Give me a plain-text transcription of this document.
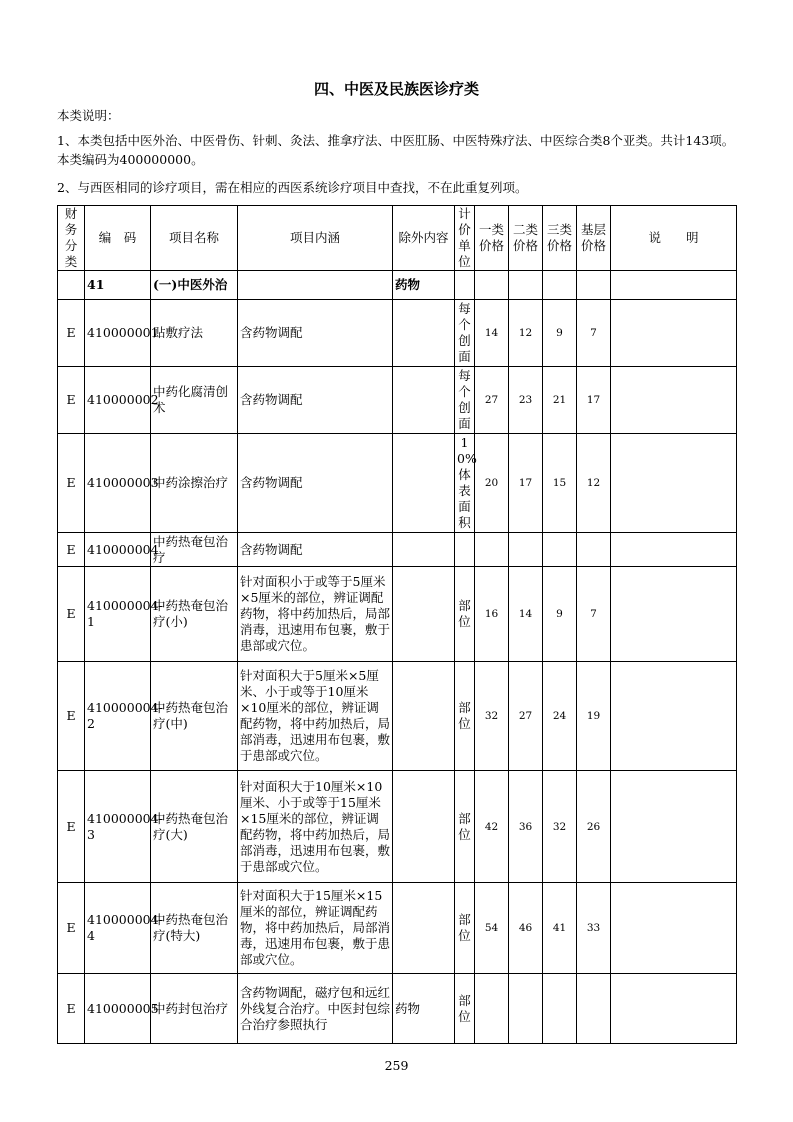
四、中医及民族医诊疗类
本类说明：
1、本类包括中医外治、中医骨伤、针刺、灸法、推拿疗法、中医肛肠、中医特殊疗法、中医综合类8个亚类。共计143项。本类编码为400000000。
2、与西医相同的诊疗项目，需在相应的西医系统诊疗项目中查找，不在此重复列项。
财务分类	编　码	项目名称	项目内涵	除外内容	计价单位	一类价格	二类价格	三类价格	基层价格	说　　明
	41	(一)中医外治		药物						
E	410000001	贴敷疗法	含药物调配		每个创面	14	12	9	7	
E	410000002	中药化腐清创术	含药物调配		每个创面	27	23	21	17	
E	410000003	中药涂擦治疗	含药物调配		10%体表面积	20	17	15	12	
E	410000004	中药热奄包治疗	含药物调配							
E	410000004-1	中药热奄包治疗(小)	针对面积小于或等于5厘米×5厘米的部位，辨证调配药物，将中药加热后，局部消毒，迅速用布包裹，敷于患部或穴位。		部位	16	14	9	7	
E	410000004-2	中药热奄包治疗(中)	针对面积大于5厘米×5厘米、小于或等于10厘米×10厘米的部位，辨证调配药物，将中药加热后，局部消毒，迅速用布包裹，敷于患部或穴位。		部位	32	27	24	19	
E	410000004-3	中药热奄包治疗(大)	针对面积大于10厘米×10厘米、小于或等于15厘米×15厘米的部位，辨证调配药物，将中药加热后，局部消毒，迅速用布包裹，敷于患部或穴位。		部位	42	36	32	26	
E	410000004-4	中药热奄包治疗(特大)	针对面积大于15厘米×15厘米的部位，辨证调配药物，将中药加热后，局部消毒，迅速用布包裹，敷于患部或穴位。		部位	54	46	41	33	
E	410000005	中药封包治疗	含药物调配，磁疗包和远红外线复合治疗。中医封包综合治疗参照执行	药物	部位					
259
